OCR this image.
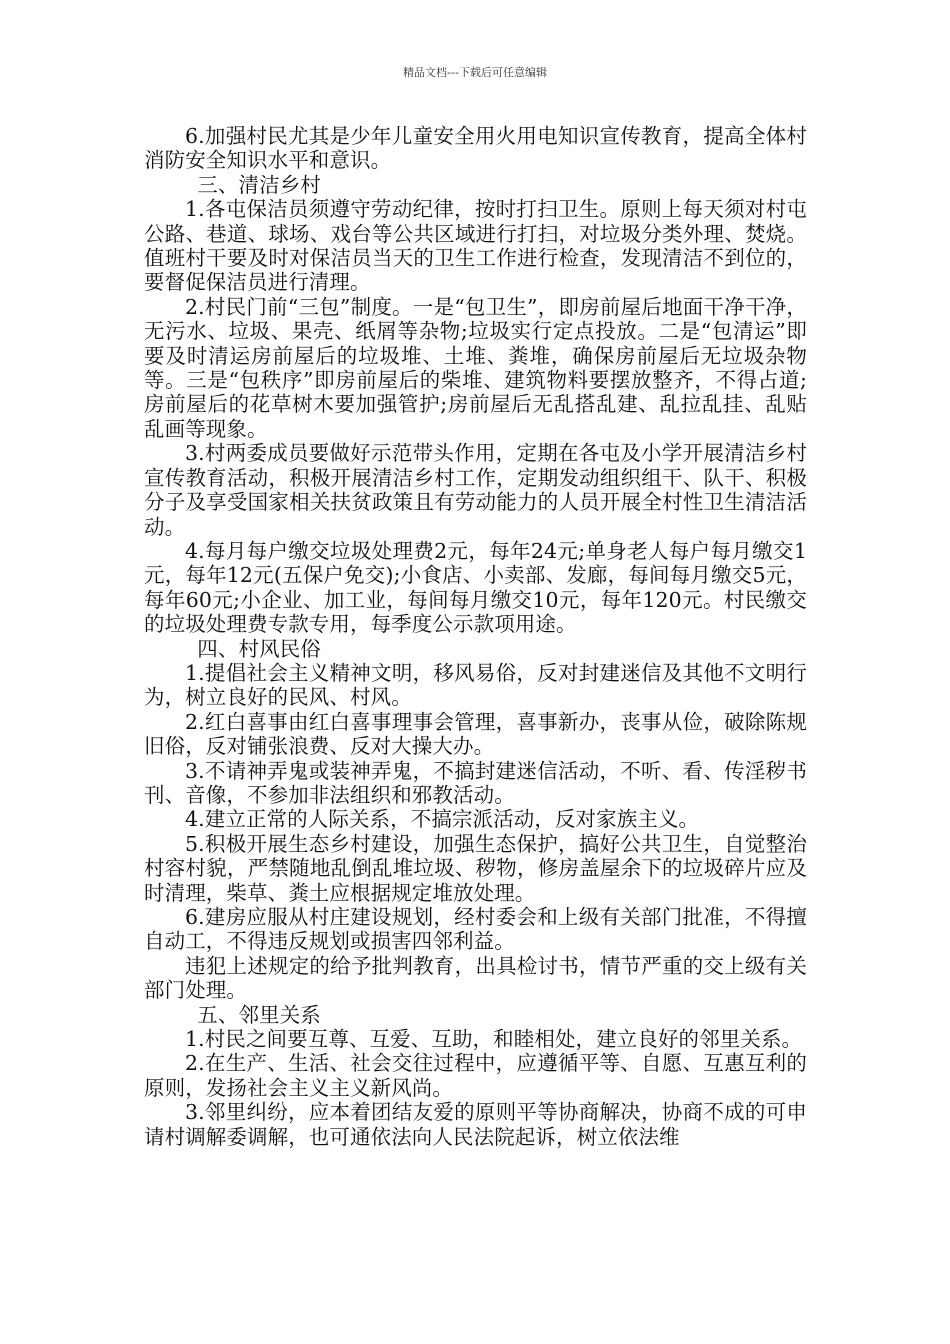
精品文档---下载后可任意编辑

6.加强村民尤其是少年儿童安全用火用电知识宣传教育，提高全体村消防安全知识水平和意识。

三、清洁乡村

1.各屯保洁员须遵守劳动纪律，按时打扫卫生。原则上每天须对村屯公路、巷道、球场、戏台等公共区域进行打扫，对垃圾分类外理、焚烧。值班村干要及时对保洁员当天的卫生工作进行检查，发现清洁不到位的，要督促保洁员进行清理。

2.村民门前“三包”制度。一是“包卫生”，即房前屋后地面干净干净，无污水、垃圾、果壳、纸屑等杂物;垃圾实行定点投放。二是“包清运”即要及时清运房前屋后的垃圾堆、土堆、粪堆，确保房前屋后无垃圾杂物等。三是“包秩序”即房前屋后的柴堆、建筑物料要摆放整齐，不得占道;房前屋后的花草树木要加强管护;房前屋后无乱搭乱建、乱拉乱挂、乱贴乱画等现象。

3.村两委成员要做好示范带头作用，定期在各屯及小学开展清洁乡村宣传教育活动，积极开展清洁乡村工作，定期发动组织组干、队干、积极分子及享受国家相关扶贫政策且有劳动能力的人员开展全村性卫生清洁活动。

4.每月每户缴交垃圾处理费2元，每年24元;单身老人每户每月缴交1元，每年12元(五保户免交);小食店、小卖部、发廊，每间每月缴交5元，每年60元;小企业、加工业，每间每月缴交10元，每年120元。村民缴交的垃圾处理费专款专用，每季度公示款项用途。

四、村风民俗

1.提倡社会主义精神文明，移风易俗，反对封建迷信及其他不文明行为，树立良好的民风、村风。

2.红白喜事由红白喜事理事会管理，喜事新办，丧事从俭，破除陈规旧俗，反对铺张浪费、反对大操大办。

3.不请神弄鬼或装神弄鬼，不搞封建迷信活动，不听、看、传淫秽书刊、音像，不参加非法组织和邪教活动。

4.建立正常的人际关系，不搞宗派活动，反对家族主义。

5.积极开展生态乡村建设，加强生态保护，搞好公共卫生，自觉整治村容村貌，严禁随地乱倒乱堆垃圾、秽物，修房盖屋余下的垃圾碎片应及时清理，柴草、粪土应根据规定堆放处理。

6.建房应服从村庄建设规划，经村委会和上级有关部门批准，不得擅自动工，不得违反规划或损害四邻利益。

违犯上述规定的给予批判教育，出具检讨书，情节严重的交上级有关部门处理。

五、邻里关系

1.村民之间要互尊、互爱、互助，和睦相处，建立良好的邻里关系。

2.在生产、生活、社会交往过程中，应遵循平等、自愿、互惠互利的原则，发扬社会主义主义新风尚。

3.邻里纠纷，应本着团结友爱的原则平等协商解决，协商不成的可申请村调解委调解，也可通依法向人民法院起诉，树立依法维
